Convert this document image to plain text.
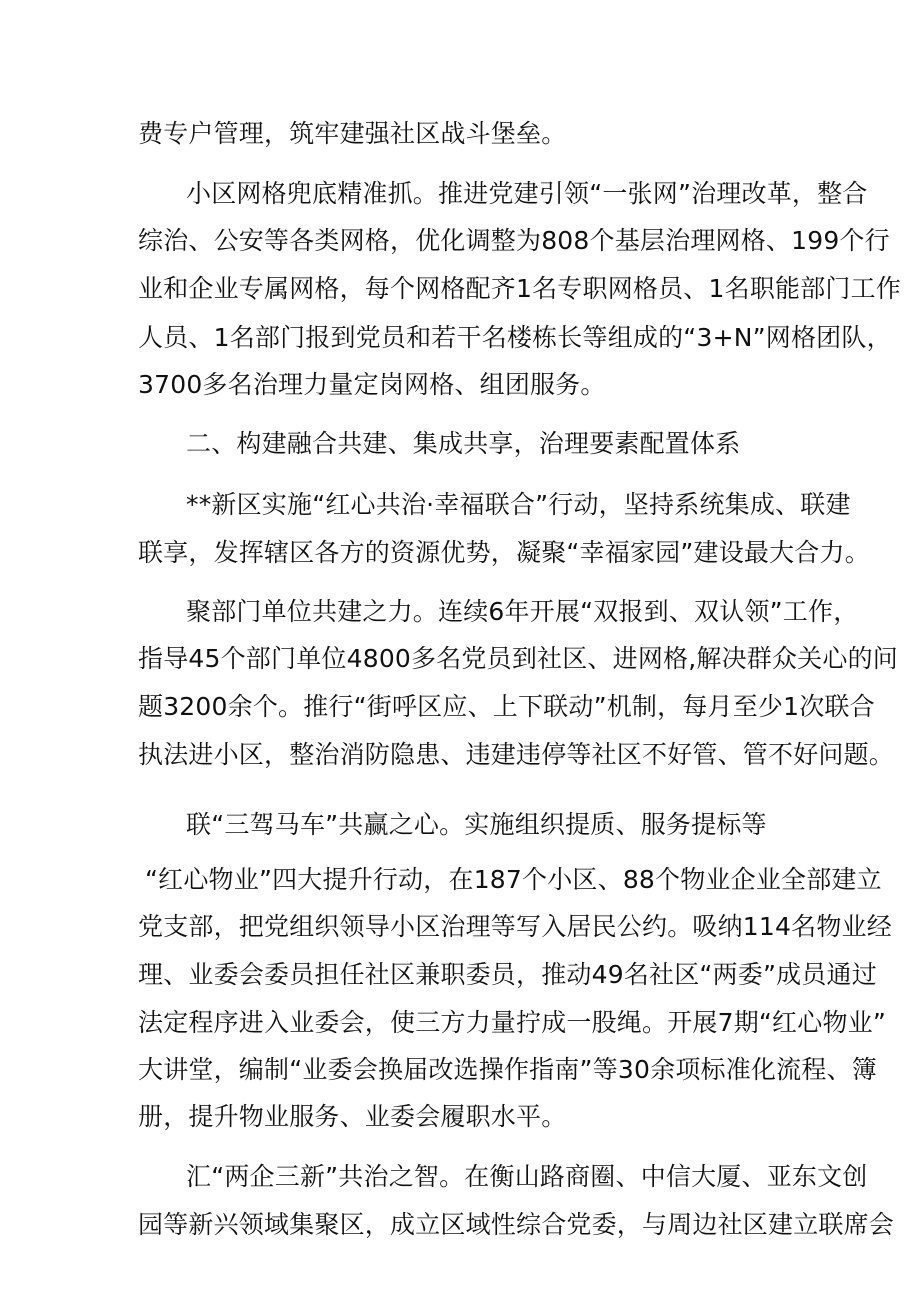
费专户管理，筑牢建强社区战斗堡垒。
小区网格兜底精准抓。推进党建引领“一张网”治理改革，整合
综治、公安等各类网格，优化调整为808个基层治理网格、199个行
业和企业专属网格，每个网格配齐1名专职网格员、1名职能部门工作
人员、1名部门报到党员和若干名楼栋长等组成的“3+N”网格团队，
3700多名治理力量定岗网格、组团服务。
二、构建融合共建、集成共享，治理要素配置体系
**新区实施“红心共治·幸福联合”行动，坚持系统集成、联建
联享，发挥辖区各方的资源优势，凝聚“幸福家园”建设最大合力。
聚部门单位共建之力。连续6年开展“双报到、双认领”工作，
指导45个部门单位4800多名党员到社区、进网格,解决群众关心的问
题3200余个。推行“街呼区应、上下联动”机制，每月至少1次联合
执法进小区，整治消防隐患、违建违停等社区不好管、管不好问题。
联“三驾马车”共赢之心。实施组织提质、服务提标等
“红心物业”四大提升行动，在187个小区、88个物业企业全部建立
党支部，把党组织领导小区治理等写入居民公约。吸纳114名物业经
理、业委会委员担任社区兼职委员，推动49名社区“两委”成员通过
法定程序进入业委会，使三方力量拧成一股绳。开展7期“红心物业”
大讲堂，编制“业委会换届改选操作指南”等30余项标准化流程、簿
册，提升物业服务、业委会履职水平。
汇“两企三新”共治之智。在衡山路商圈、中信大厦、亚东文创
园等新兴领域集聚区，成立区域性综合党委，与周边社区建立联席会
